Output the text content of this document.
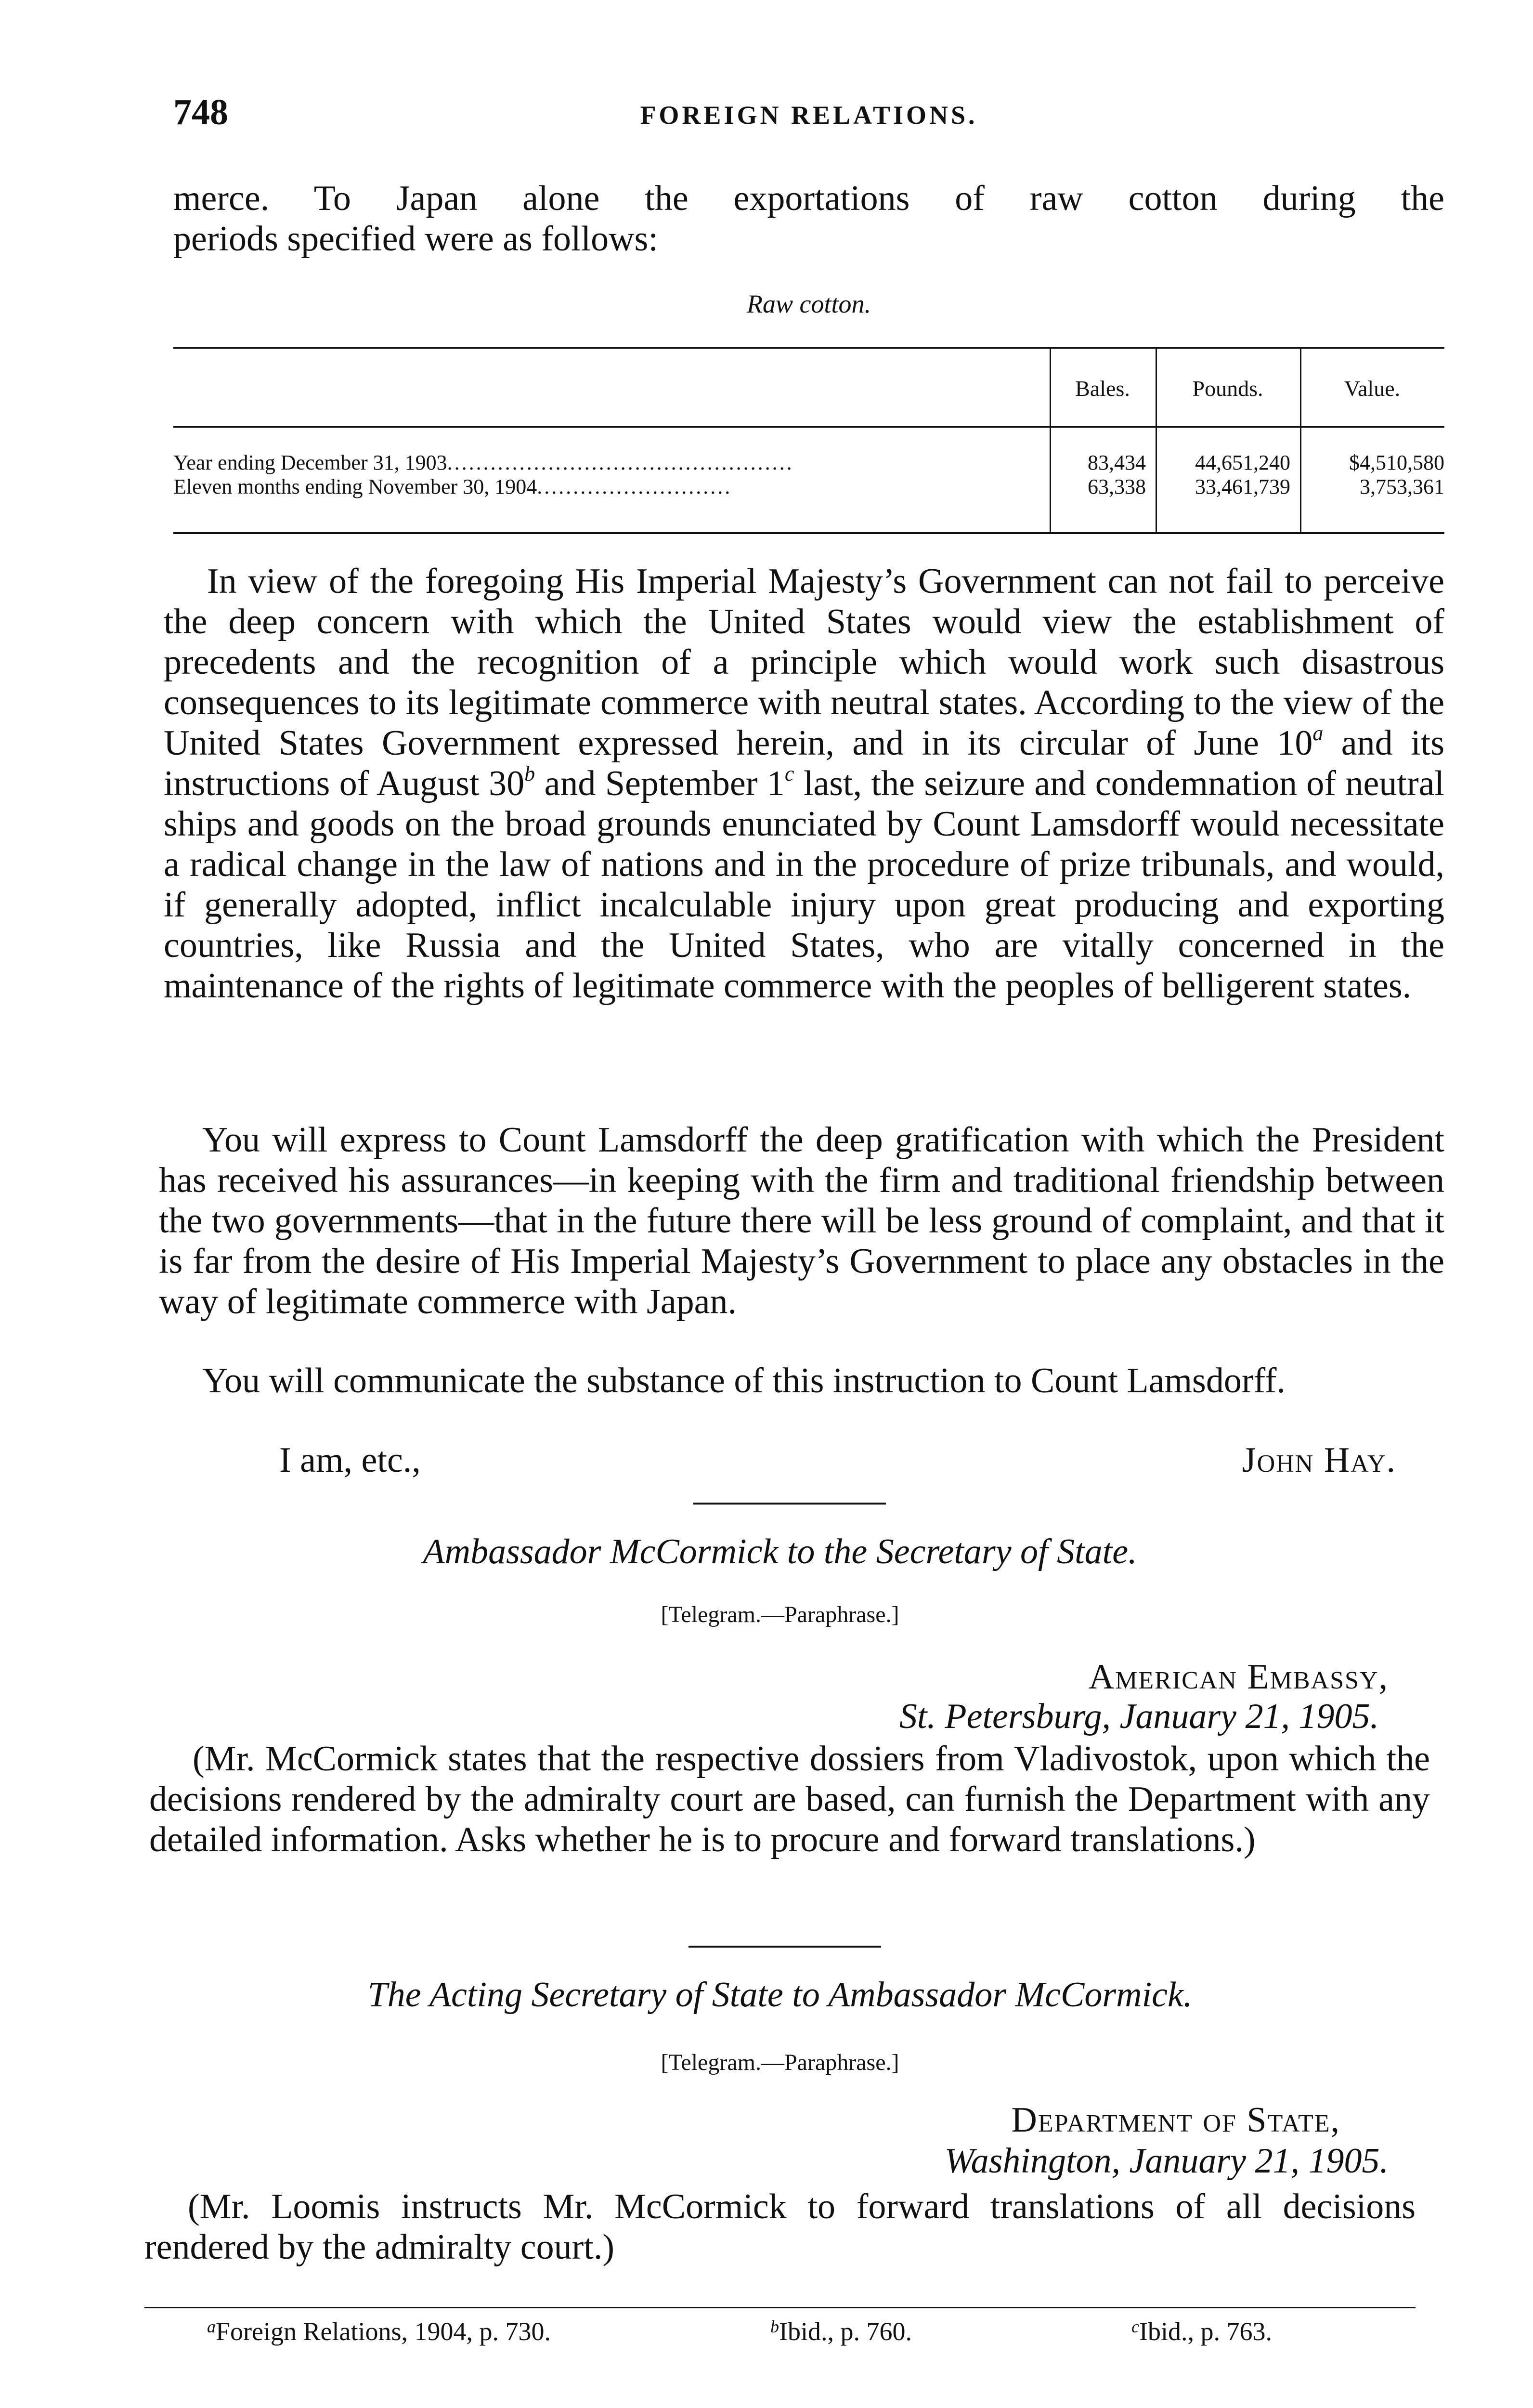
748	FOREIGN RELATIONS.

merce. To Japan alone the exportations of raw cotton during the

periods specified were as follows:

Raw cotton.
Bales.	Pounds.	Value.
Year ending December 31, 1903................................................	83,434	44,651,240	$4,510,580
Eleven months ending November 30, 1904...........................	63,338	33,461,739	3,753,361

In view of the foregoing His Imperial Majesty’s Government can not fail to perceive the deep concern with which the United States would view the establishment of precedents and the recognition of a principle which would work such disastrous consequences to its legitimate commerce with neutral states. According to the view of the United States Government expressed herein, and in its circular of June 10$^a$ and its instructions of August 30$^b$ and September 1$^c$ last, the seizure and condemnation of neutral ships and goods on the broad grounds enunciated by Count Lamsdorff would necessitate a radical change in the law of nations and in the procedure of prize tribunals, and would, if generally adopted, inflict incalculable injury upon great producing and exporting countries, like Russia and the United States, who are vitally concerned in the maintenance of the rights of legitimate commerce with the peoples of belligerent states.

You will express to Count Lamsdorff the deep gratification with which the President has received his assurances—in keeping with the firm and traditional friendship between the two governments—that in the future there will be less ground of complaint, and that it is far from the desire of His Imperial Majesty’s Government to place any obstacles in the way of legitimate commerce with Japan.

You will communicate the substance of this instruction to Count Lamsdorff.

I am, etc.,	John Hay.
Ambassador McCormick to the Secretary of State.
[Telegram.—Paraphrase.]
American Embassy,
St. Petersburg, January 21, 1905.

(Mr. McCormick states that the respective dossiers from Vladivostok, upon which the decisions rendered by the admiralty court are based, can furnish the Department with any detailed information. Asks whether he is to procure and forward translations.)

The Acting Secretary of State to Ambassador McCormick.
[Telegram.—Paraphrase.]
Department of State,
Washington, January 21, 1905.

(Mr. Loomis instructs Mr. McCormick to forward translations of all decisions rendered by the admiralty court.)

$^a$Foreign Relations, 1904, p. 730.	$^b$Ibid., p. 760.	$^c$Ibid., p. 763.
